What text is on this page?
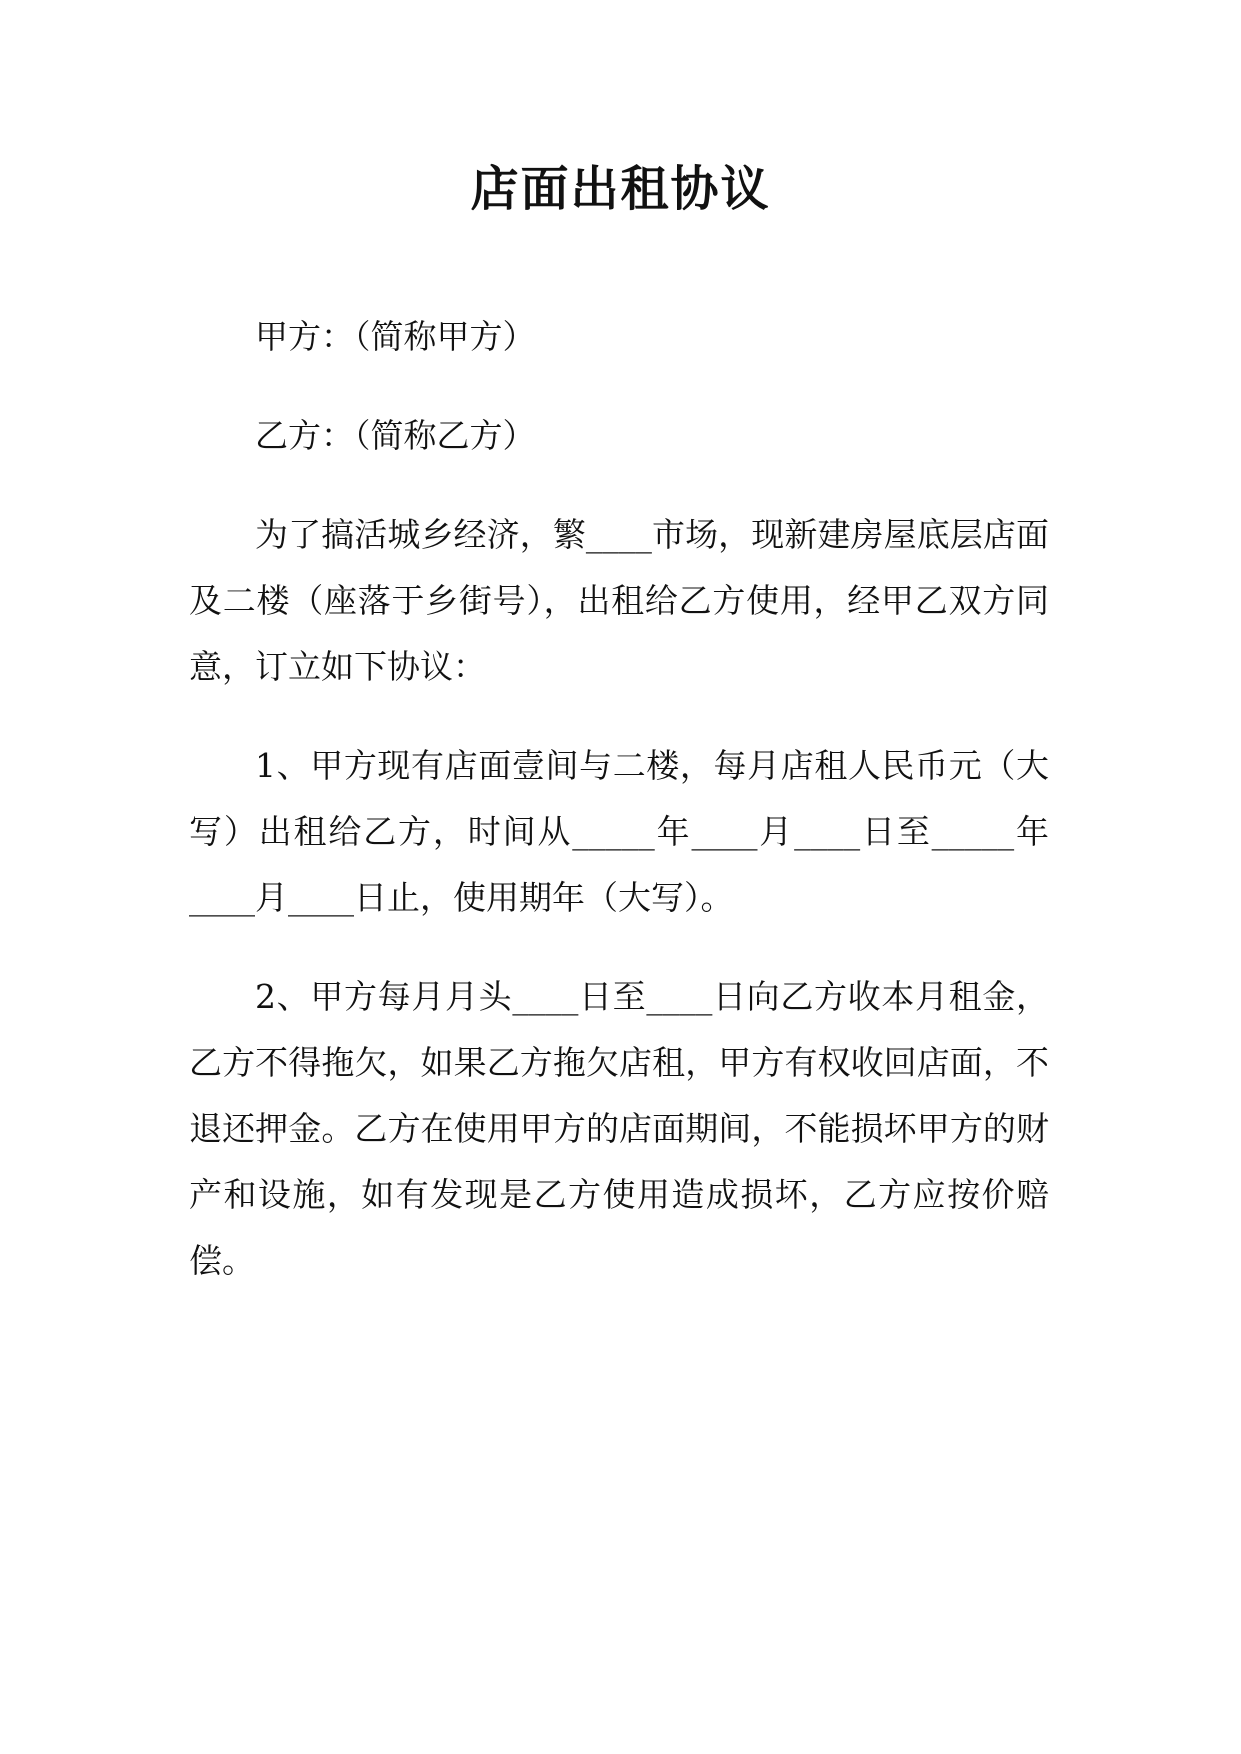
店面出租协议

甲方：（简称甲方）

乙方：（简称乙方）

为了搞活城乡经济，繁____市场，现新建房屋底层店面及二楼（座落于乡街号），出租给乙方使用，经甲乙双方同意，订立如下协议：

1、甲方现有店面壹间与二楼，每月店租人民币元（大写）出租给乙方，时间从_____年____月____日至_____年____月____日止，使用期年（大写）。

2、甲方每月月头____日至____日向乙方收本月租金，乙方不得拖欠，如果乙方拖欠店租，甲方有权收回店面，不退还押金。乙方在使用甲方的店面期间，不能损坏甲方的财产和设施，如有发现是乙方使用造成损坏，乙方应按价赔偿。
